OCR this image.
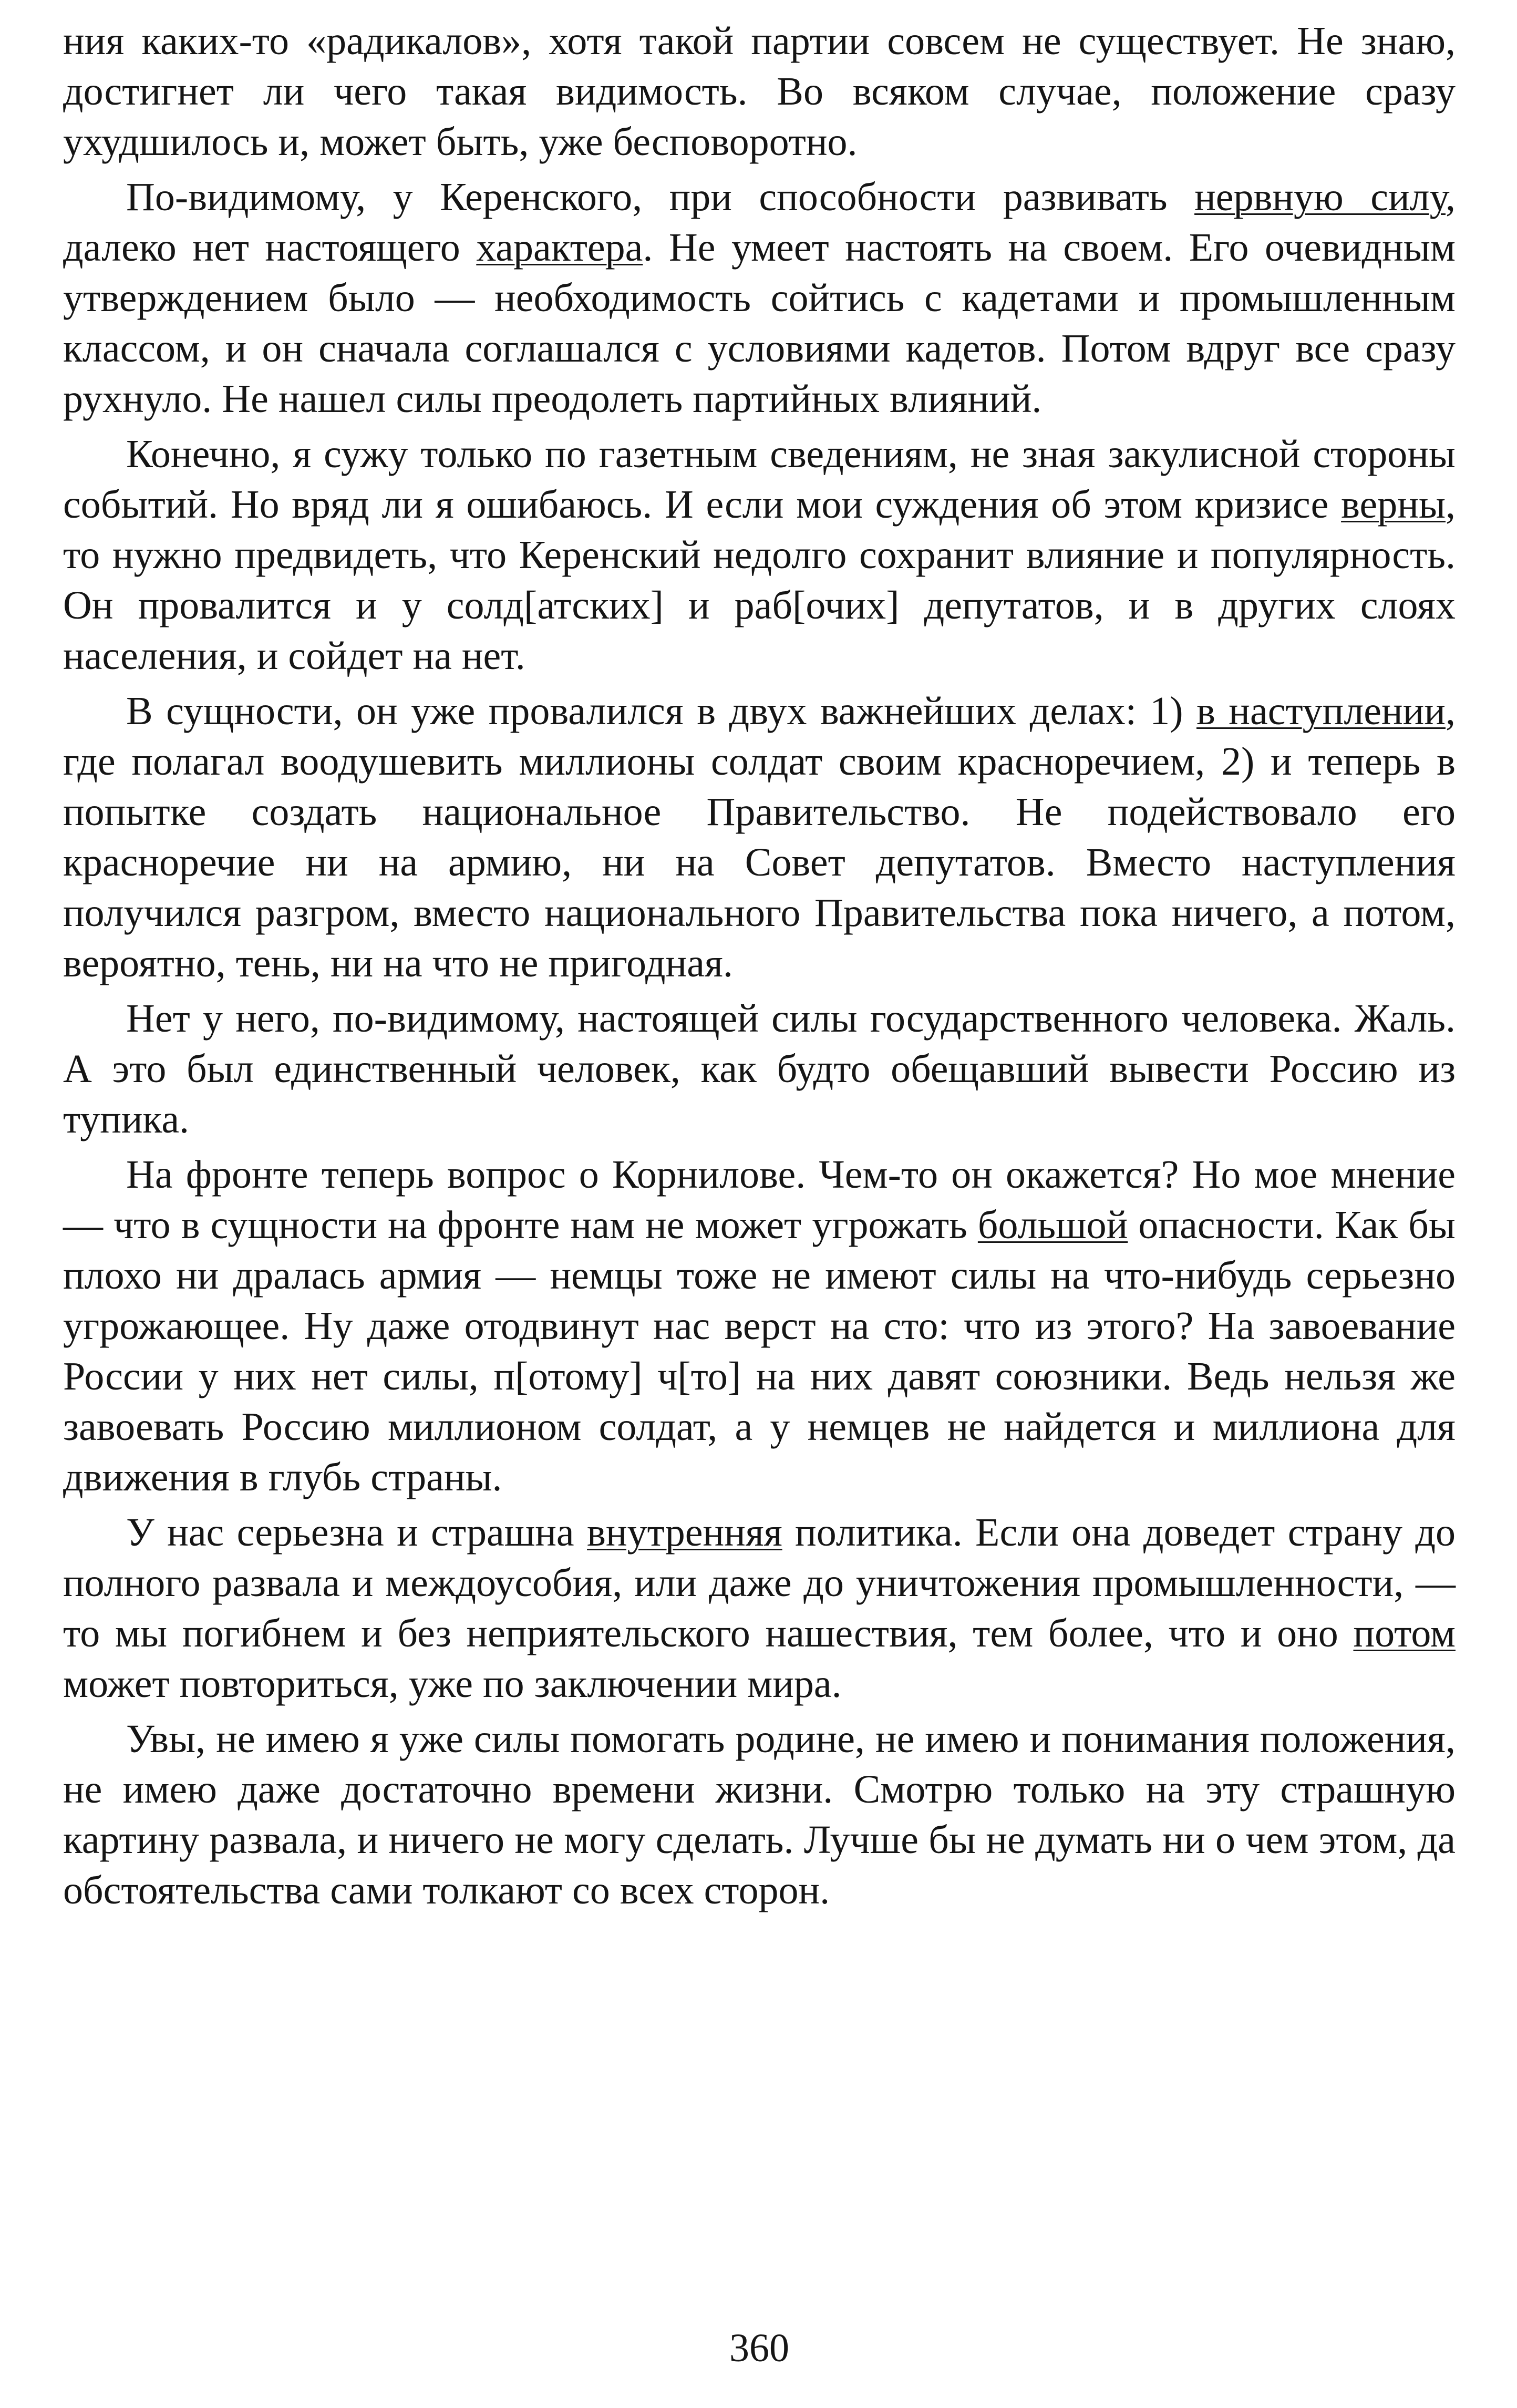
ния каких-то «радикалов», хотя такой партии совсем не существует. Не знаю, достигнет ли чего такая видимость. Во всяком случае, положение сразу ухудшилось и, может быть, уже бесповоротно.

По-видимому, у Керенского, при способности развивать нервную силу, далеко нет настоящего характера. Не умеет настоять на своем. Его очевидным утверждением было — необходимость сойтись с кадетами и промышленным классом, и он сначала соглашался с условиями кадетов. Потом вдруг все сразу рухнуло. Не нашел силы преодолеть партийных влияний.

Конечно, я сужу только по газетным сведениям, не зная закулисной стороны событий. Но вряд ли я ошибаюсь. И если мои суждения об этом кризисе верны, то нужно предвидеть, что Керенский недолго сохранит влияние и популярность. Он провалится и у солд[атских] и раб[очих] депутатов, и в других слоях населения, и сойдет на нет.

В сущности, он уже провалился в двух важнейших делах: 1) в наступлении, где полагал воодушевить миллионы солдат своим красноречием, 2) и теперь в попытке создать национальное Правительство. Не подействовало его красноречие ни на армию, ни на Совет депутатов. Вместо наступления получился разгром, вместо национального Правительства пока ничего, а потом, вероятно, тень, ни на что не пригодная.

Нет у него, по-видимому, настоящей силы государственного человека. Жаль. А это был единственный человек, как будто обещавший вывести Россию из тупика.

На фронте теперь вопрос о Корнилове. Чем-то он окажется? Но мое мнение — что в сущности на фронте нам не может угрожать большой опасности. Как бы плохо ни дралась армия — немцы тоже не имеют силы на что-нибудь серьезно угрожающее. Ну даже отодвинут нас верст на сто: что из этого? На завоевание России у них нет силы, п[отому] ч[то] на них давят союзники. Ведь нельзя же завоевать Россию миллионом солдат, а у немцев не найдется и миллиона для движения в глубь страны.

У нас серьезна и страшна внутренняя политика. Если она доведет страну до полного развала и междоусобия, или даже до уничтожения промышленности, — то мы погибнем и без неприятельского нашествия, тем более, что и оно потом может повториться, уже по заключении мира.

Увы, не имею я уже силы помогать родине, не имею и понимания положения, не имею даже достаточно времени жизни. Смотрю только на эту страшную картину развала, и ничего не могу сделать. Лучше бы не думать ни о чем этом, да обстоятельства сами толкают со всех сторон.

360
